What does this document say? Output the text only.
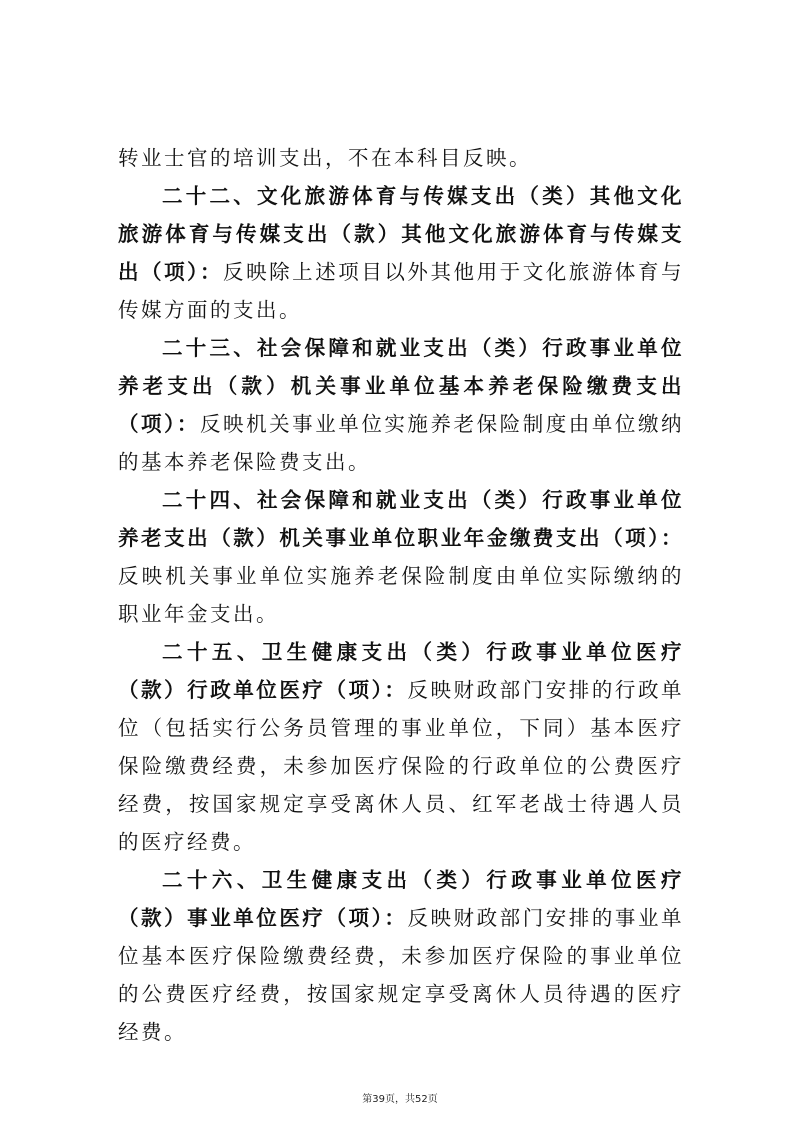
转业士官的培训支出，不在本科目反映。

二十二、文化旅游体育与传媒支出（类）其他文化旅游体育与传媒支出（款）其他文化旅游体育与传媒支出（项）：反映除上述项目以外其他用于文化旅游体育与传媒方面的支出。

二十三、社会保障和就业支出（类）行政事业单位养老支出（款）机关事业单位基本养老保险缴费支出（项）：反映机关事业单位实施养老保险制度由单位缴纳的基本养老保险费支出。

二十四、社会保障和就业支出（类）行政事业单位养老支出（款）机关事业单位职业年金缴费支出（项）：反映机关事业单位实施养老保险制度由单位实际缴纳的职业年金支出。

二十五、卫生健康支出（类）行政事业单位医疗（款）行政单位医疗（项）：反映财政部门安排的行政单位（包括实行公务员管理的事业单位，下同）基本医疗保险缴费经费，未参加医疗保险的行政单位的公费医疗经费，按国家规定享受离休人员、红军老战士待遇人员的医疗经费。

二十六、卫生健康支出（类）行政事业单位医疗（款）事业单位医疗（项）：反映财政部门安排的事业单位基本医疗保险缴费经费，未参加医疗保险的事业单位的公费医疗经费，按国家规定享受离休人员待遇的医疗经费。

第39页，共52页
